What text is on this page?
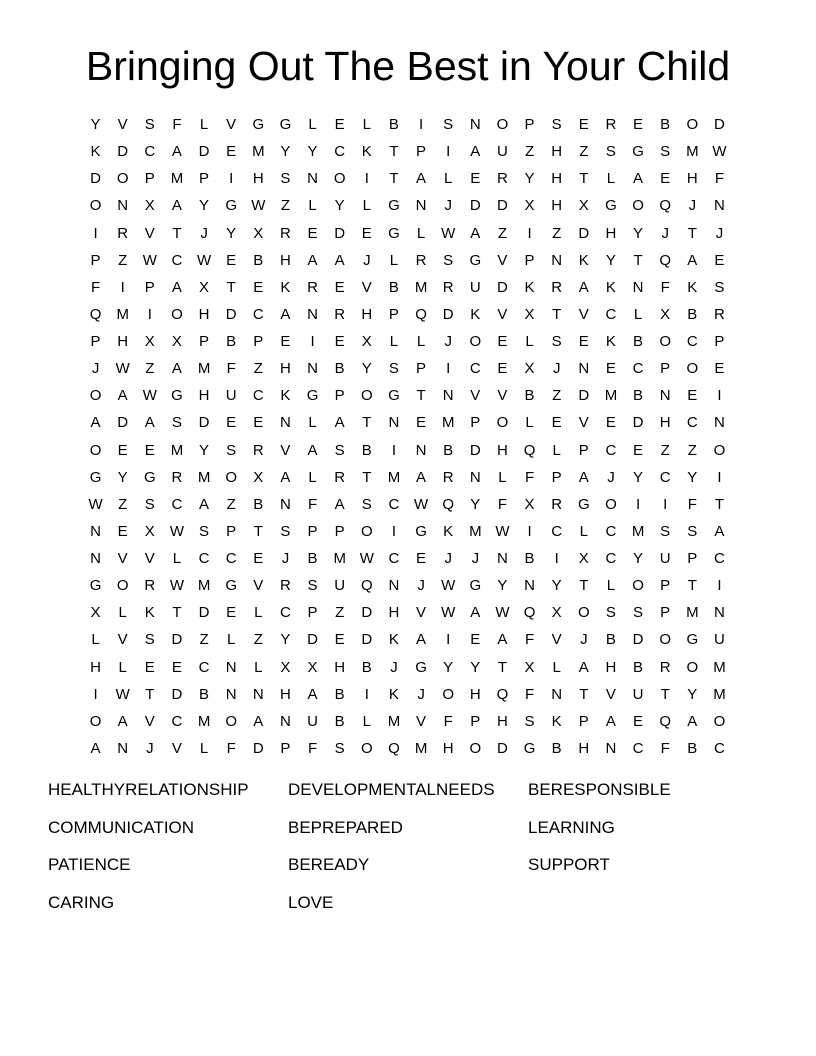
Bringing Out The Best in Your Child
Y	V	S	F	L	V	G	G	L	E	L	B	I	S	N	O	P	S	E	R	E	B	O	D
K	D	C	A	D	E	M	Y	Y	C	K	T	P	I	A	U	Z	H	Z	S	G	S	M W
D	O	P	M	P	I	H	S	N	O	I	T	A	L	E	R	Y	H	T	L	A	E	H	F
O	N	X	A	Y	G W	Z	L	Y	L	G	N	J	D	D	X	H	X	G	O	Q	J	N
I	R	V	T	J	Y	X	R	E	D	E	G	L	W	A	Z	I	Z	D	H	Y	J	T	J
P	Z	W C W	E	B	H	A	A	J	L	R	S	G	V	P	N	K	Y	T	Q	A	E
F	I	P	A	X	T	E	K	R	E	V	B	M	R	U	D	K	R	A	K	N	F	K	S
Q	M	I	O	H	D	C	A	N	R	H	P	Q	D	K	V	X	T	V	C	L	X	B	R
P	H	X	X	P	B	P	E	I	E	X	L	L	J	O	E	L	S	E	K	B	O	C	P
J	W	Z	A	M	F	Z	H	N	B	Y	S	P	I	C	E	X	J	N	E	C	P	O	E
O	A	W G	H	U	C	K	G	P	O	G	T	N	V	V	B	Z	D	M	B	N	E	I
A	D	A	S	D	E	E	N	L	A	T	N	E	M	P	O	L	E	V	E	D	H	C	N
O	E	E	M	Y	S	R	V	A	S	B	I	N	B	D	H	Q	L	P	C	E	Z	Z	O
G	Y	G	R	M	O	X	A	L	R	T	M	A	R	N	L	F	P	A	J	Y	C	Y	I
W	Z	S	C	A	Z	B	N	F	A	S	C W Q	Y	F	X	R	G	O	I	I	F	T
N	E	X	W	S	P	T	S	P	P	O	I	G	K	M W	I	C	L	C	M	S	S	A
N	V	V	L	C	C	E	J	B	M W C	E	J	J	N	B	I	X	C	Y	U	P	C
G	O	R W M	G	V	R	S	U	Q	N	J	W G	Y	N	Y	T	L	O	P	T	I
X	L	K	T	D	E	L	C	P	Z	D	H	V	W	A	W Q	X	O	S	S	P	M	N
L	V	S	D	Z	L	Z	Y	D	E	D	K	A	I	E	A	F	V	J	B	D	O	G	U
H	L	E	E	C	N	L	X	X	H	B	J	G	Y	Y	T	X	L	A	H	B	R	O	M
I	W	T	D	B	N	N	H	A	B	I	K	J	O	H	Q	F	N	T	V	U	T	Y	M
O	A	V	C	M	O	A	N	U	B	L	M	V	F	P	H	S	K	P	A	E	Q	A	O
A	N	J	V	L	F	D	P	F	S	O	Q	M	H	O	D	G	B	H	N	C	F	B	C
HEALTHYRELATIONSHIP	DEVELOPMENTALNEEDS	BERESPONSIBLE
COMMUNICATION	BEPREPARED	LEARNING
PATIENCE	BEREADY	SUPPORT
CARING	LOVE
